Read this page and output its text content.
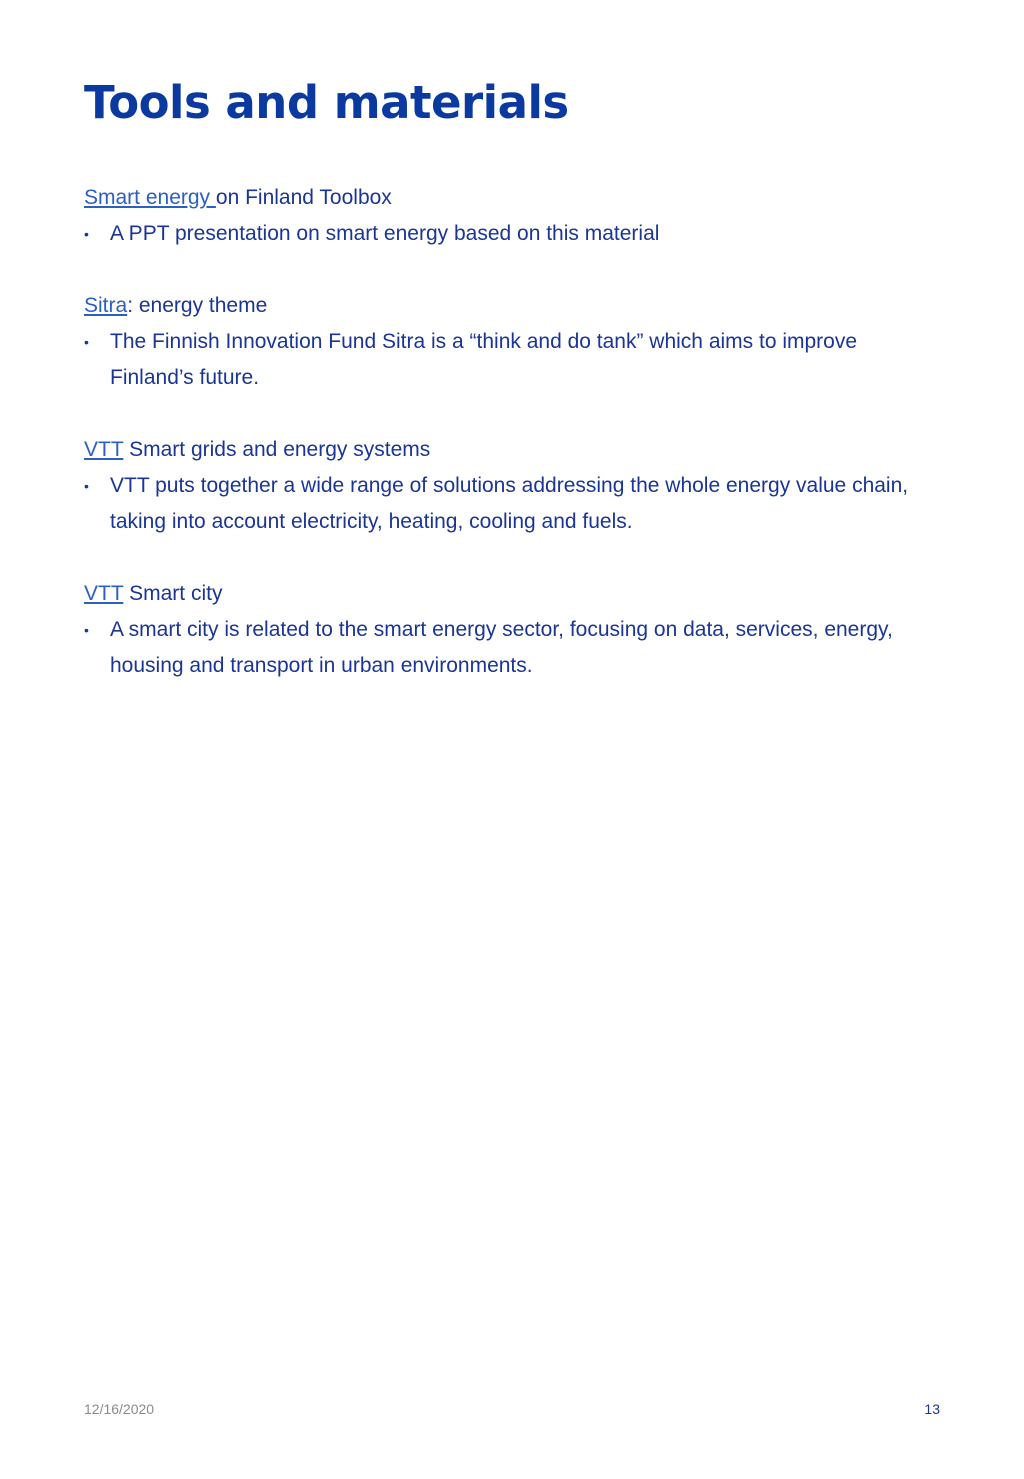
Tools and materials
Smart energy on Finland Toolbox
• A PPT presentation on smart energy based on this material
Sitra: energy theme
• The Finnish Innovation Fund Sitra is a “think and do tank” which aims to improve Finland’s future.
VTT Smart grids and energy systems
• VTT puts together a wide range of solutions addressing the whole energy value chain, taking into account electricity, heating, cooling and fuels.
VTT Smart city
• A smart city is related to the smart energy sector, focusing on data, services, energy, housing and transport in urban environments.
12/16/2020	13
